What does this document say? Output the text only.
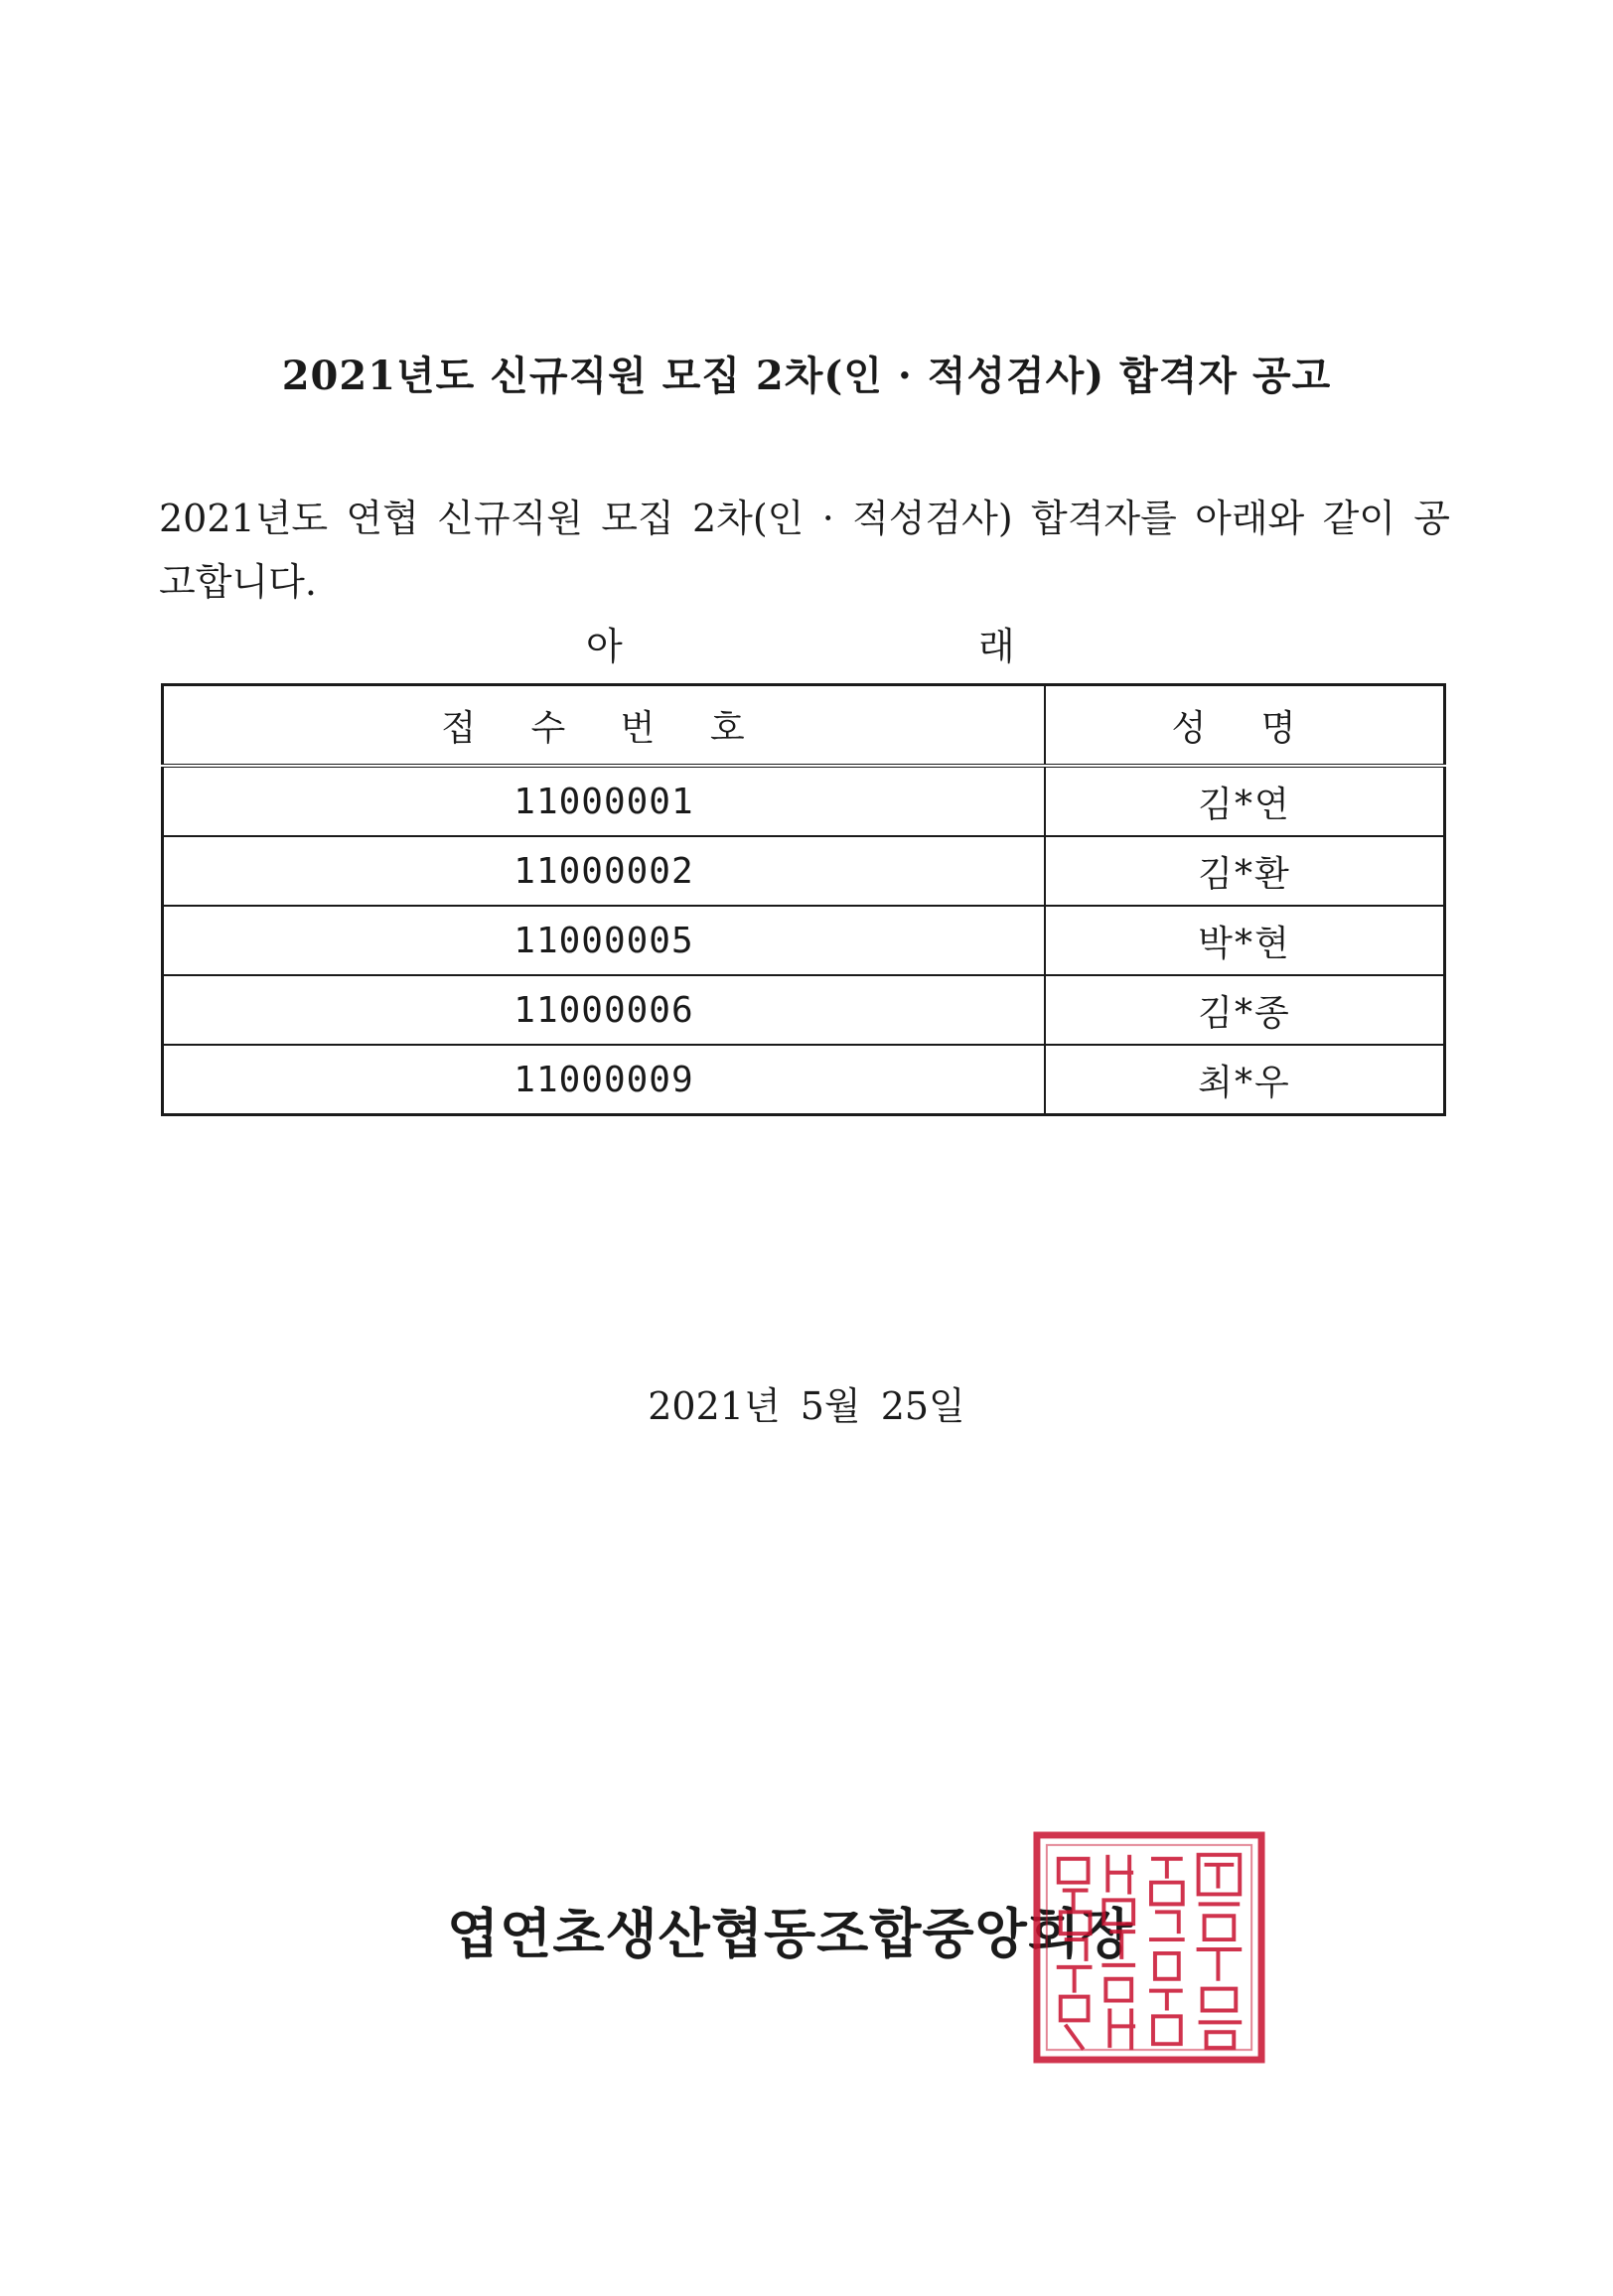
2021년도 신규직원 모집 2차(인 · 적성검사) 합격자 공고
2021년도 연협 신규직원 모집 2차(인 · 적성검사) 합격자를 아래와 같이 공고합니다.
아	래
접 수 번 호	성 명
11000001	김*연
11000002	김*환
11000005	박*현
11000006	김*종
11000009	최*우
2021년 5월 25일
엽연초생산협동조합중앙회장
